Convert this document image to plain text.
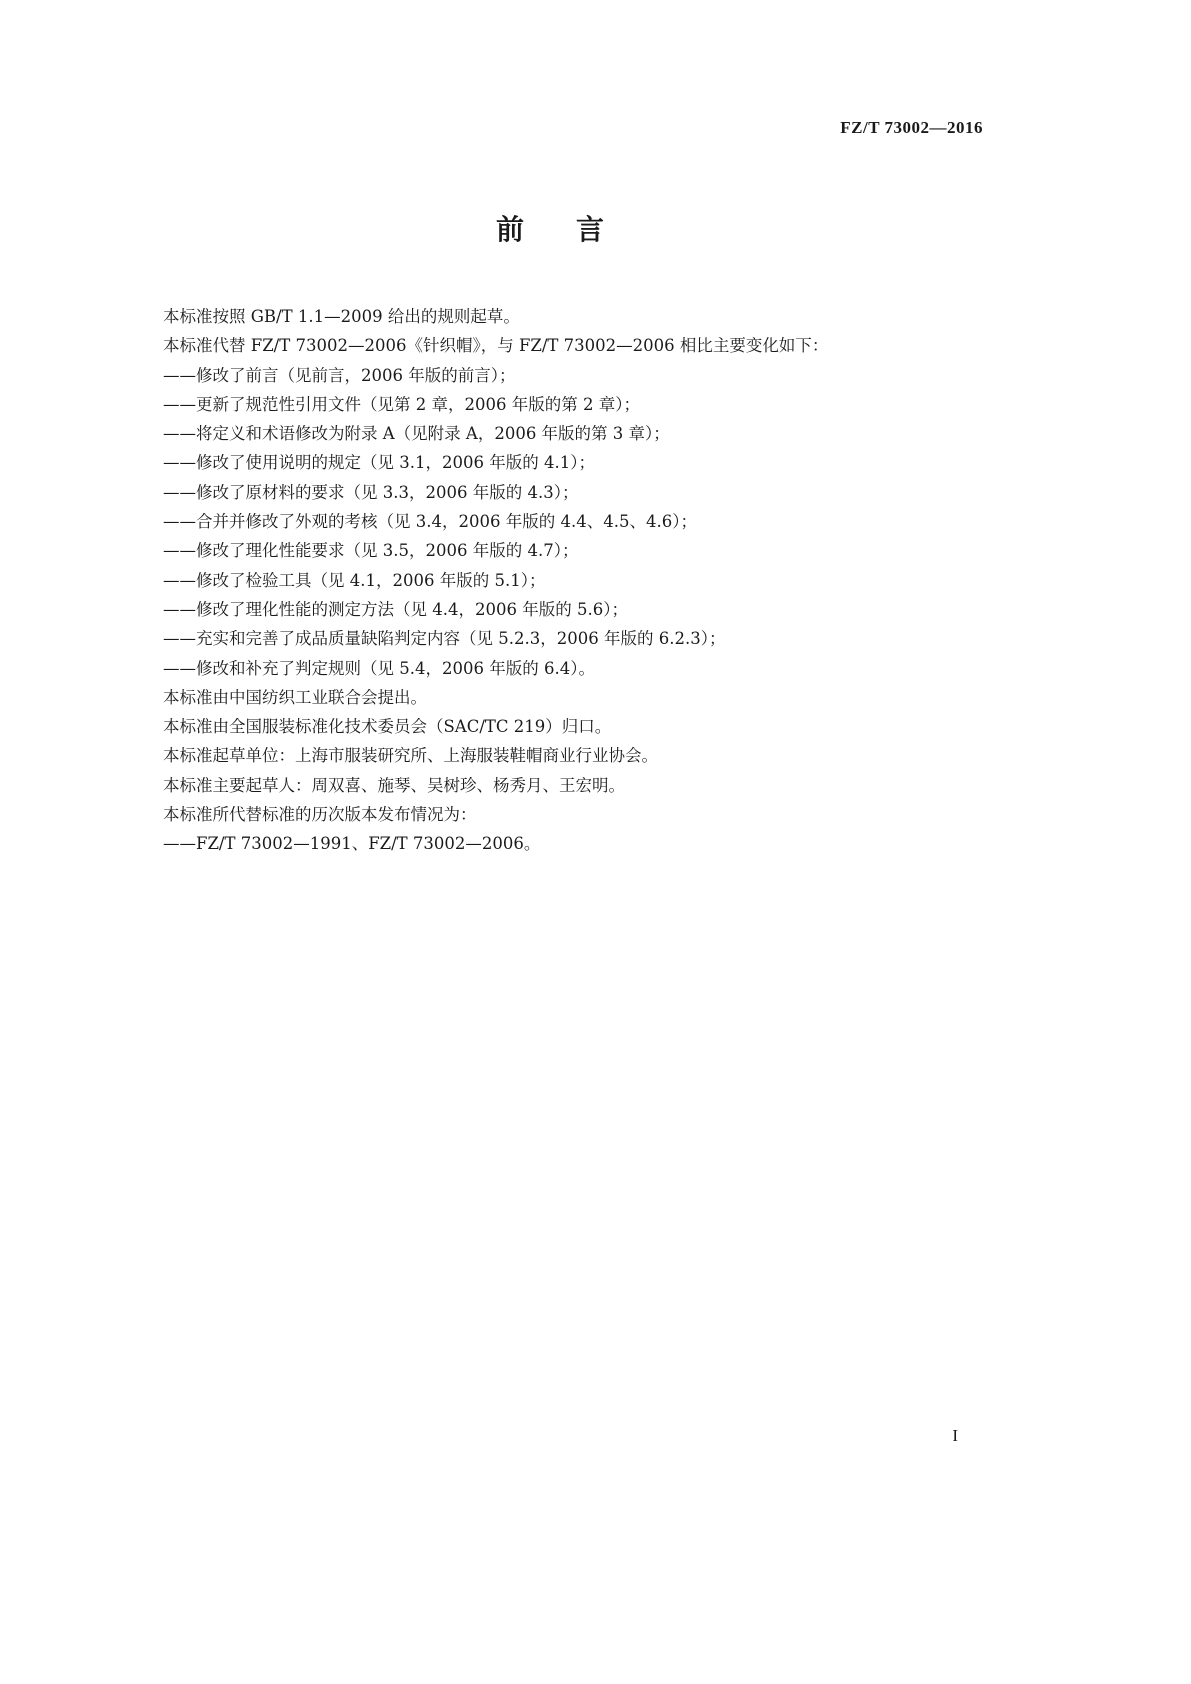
FZ/T 73002—2016
前言
本标准按照 GB/T 1.1—2009 给出的规则起草。
本标准代替 FZ/T 73002—2006《针织帽》，与 FZ/T 73002—2006 相比主要变化如下：
——修改了前言（见前言，2006 年版的前言）；
——更新了规范性引用文件（见第 2 章，2006 年版的第 2 章）；
——将定义和术语修改为附录 A（见附录 A，2006 年版的第 3 章）；
——修改了使用说明的规定（见 3.1，2006 年版的 4.1）；
——修改了原材料的要求（见 3.3，2006 年版的 4.3）；
——合并并修改了外观的考核（见 3.4，2006 年版的 4.4、4.5、4.6）；
——修改了理化性能要求（见 3.5，2006 年版的 4.7）；
——修改了检验工具（见 4.1，2006 年版的 5.1）；
——修改了理化性能的测定方法（见 4.4，2006 年版的 5.6）；
——充实和完善了成品质量缺陷判定内容（见 5.2.3，2006 年版的 6.2.3）；
——修改和补充了判定规则（见 5.4，2006 年版的 6.4）。
本标准由中国纺织工业联合会提出。
本标准由全国服装标准化技术委员会（SAC/TC 219）归口。
本标准起草单位：上海市服装研究所、上海服装鞋帽商业行业协会。
本标准主要起草人：周双喜、施琴、吴树珍、杨秀月、王宏明。
本标准所代替标准的历次版本发布情况为：
——FZ/T 73002—1991、FZ/T 73002—2006。
I
